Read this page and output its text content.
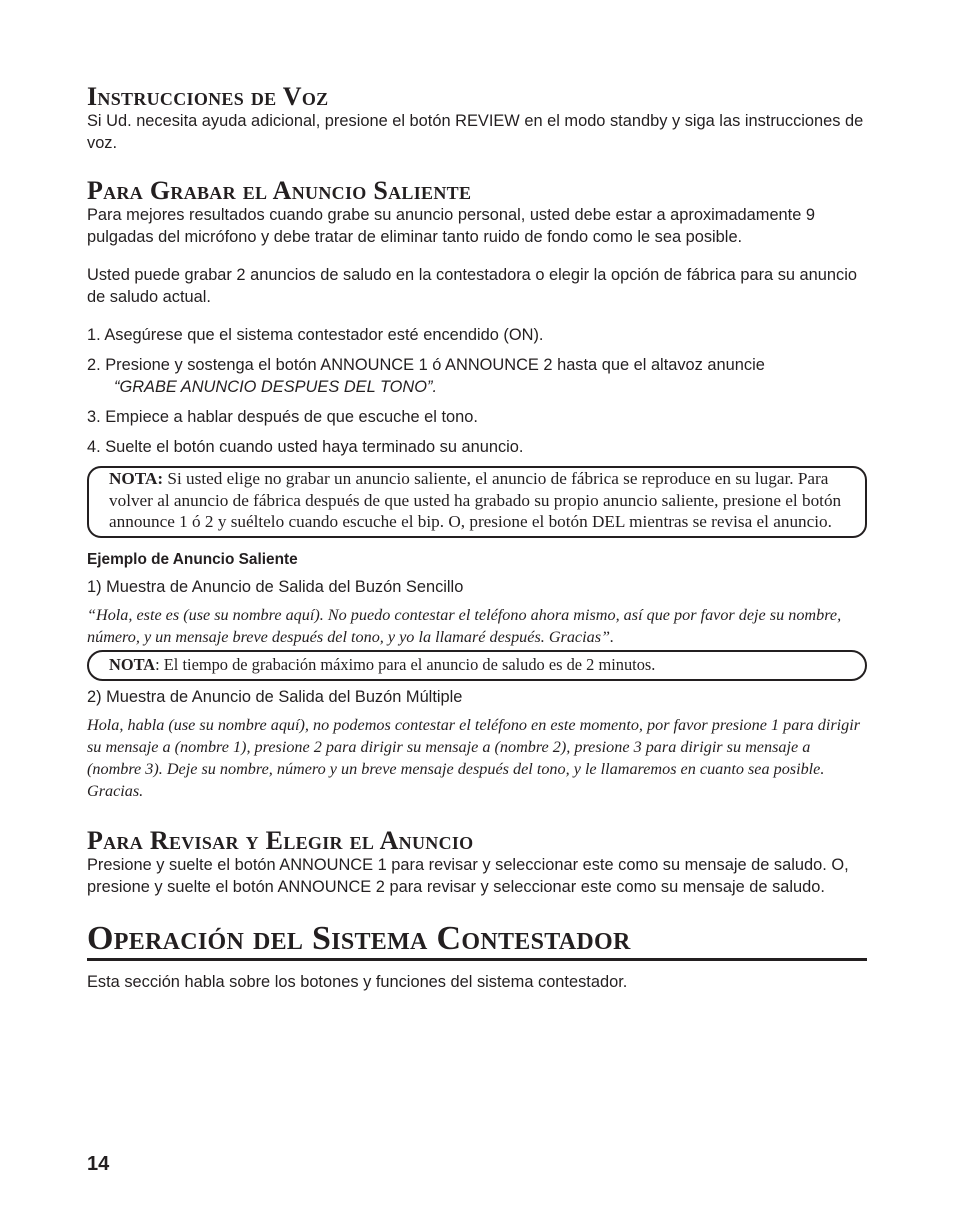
Instrucciones de Voz

Si Ud. necesita ayuda adicional, presione el botón REVIEW en el modo standby y siga las instrucciones de voz.

Para Grabar el Anuncio Saliente

Para mejores resultados cuando grabe su anuncio personal, usted debe estar a aproximadamente 9 pulgadas del micrófono y debe tratar de eliminar tanto ruido de fondo como le sea posible.

Usted puede grabar 2 anuncios de saludo en la contestadora o elegir la opción de fábrica para su anuncio de saludo actual.

1. Asegúrese que el sistema contestador esté encendido (ON).
2. Presione y sostenga el botón ANNOUNCE 1 ó ANNOUNCE 2 hasta que el altavoz anuncie
“GRABE ANUNCIO DESPUES DEL TONO”.
3. Empiece a hablar después de que escuche el tono.
4. Suelte el botón cuando usted haya terminado su anuncio.
NOTA: Si usted elige no grabar un anuncio saliente, el anuncio de fábrica se reproduce en su lugar. Para volver al anuncio de fábrica después de que usted ha grabado su propio anuncio saliente, presione el botón announce 1 ó 2 y suéltelo cuando escuche el bip. O, presione el botón DEL mientras se revisa el anuncio.
Ejemplo de Anuncio Saliente

1) Muestra de Anuncio de Salida del Buzón Sencillo

“Hola, este es (use su nombre aquí). No puedo contestar el teléfono ahora mismo, así que por favor deje su nombre, número, y un mensaje breve después del tono, y yo la llamaré después. Gracias”.

NOTA: El tiempo de grabación máximo para el anuncio de saludo es de 2 minutos.

2) Muestra de Anuncio de Salida del Buzón Múltiple

Hola, habla (use su nombre aquí), no podemos contestar el teléfono en este momento, por favor presione 1 para dirigir su mensaje a (nombre 1), presione 2 para dirigir su mensaje a (nombre 2), presione 3 para dirigir su mensaje a (nombre 3). Deje su nombre, número y un breve mensaje después del tono, y le llamaremos en cuanto sea posible. Gracias.

Para Revisar y Elegir el Anuncio

Presione y suelte el botón ANNOUNCE 1 para revisar y seleccionar este como su mensaje de saludo. O, presione y suelte el botón ANNOUNCE 2 para revisar y seleccionar este como su mensaje de saludo.

Operación del Sistema Contestador

Esta sección habla sobre los botones y funciones del sistema contestador.

14
